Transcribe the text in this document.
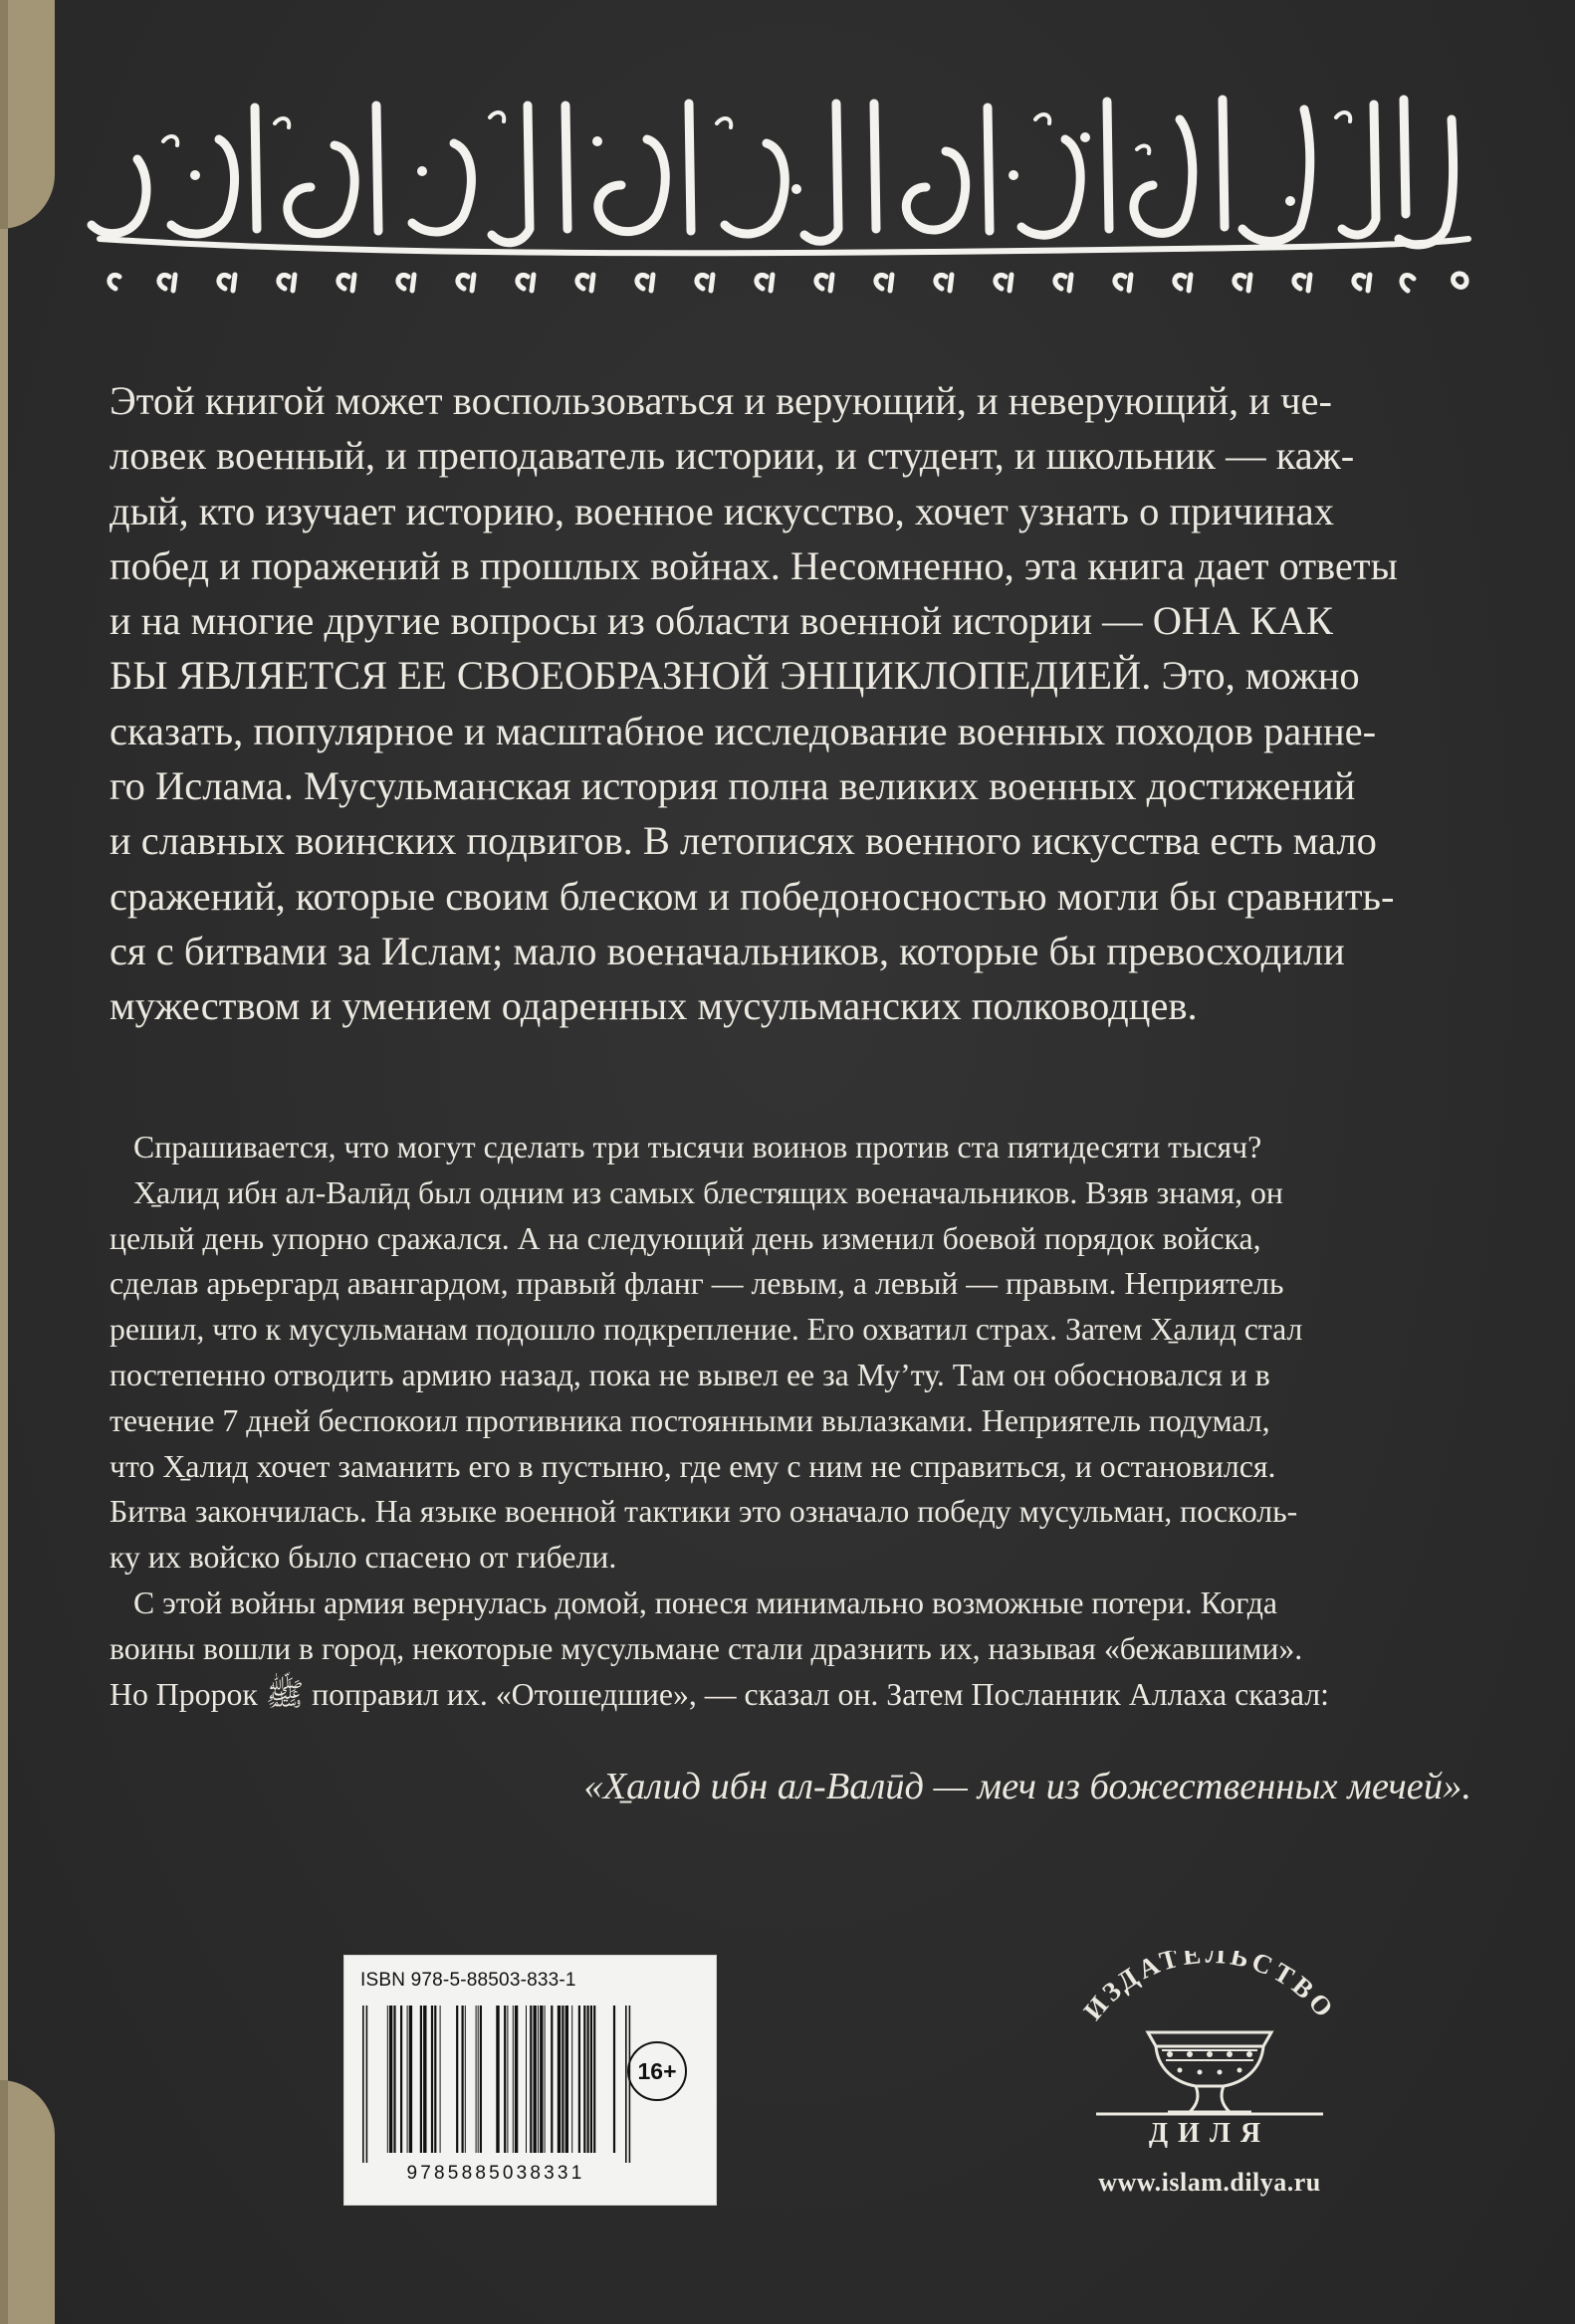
Этой книгой может воспользоваться и верующий, и неверующий, и че-
ловек военный, и преподаватель истории, и студент, и школьник — каж-
дый, кто изучает историю, военное искусство, хочет узнать о причинах
побед и поражений в прошлых войнах. Несомненно, эта книга дает ответы
и на многие другие вопросы из области военной истории — ОНА КАК
БЫ ЯВЛЯЕТСЯ ЕЕ СВОЕОБРАЗНОЙ ЭНЦИКЛОПЕДИЕЙ. Это, можно
сказать, популярное и масштабное исследование военных походов ранне-
го Ислама. Мусульманская история полна великих военных достижений
и славных воинских подвигов. В летописях военного искусства есть мало
сражений, которые своим блеском и победоносностью могли бы сравнить-
ся с битвами за Ислам; мало военачальников, которые бы превосходили
мужеством и умением одаренных мусульманских полководцев.

Спрашивается, что могут сделать три тысячи воинов против ста пятидесяти тысяч?

Х̱алид ибн ал-Валӣд был одним из самых блестящих военачальников. Взяв знамя, он
целый день упорно сражался. А на следующий день изменил боевой порядок войска,
сделав арьергард авангардом, правый фланг — левым, а левый — правым. Неприятель
решил, что к мусульманам подошло подкрепление. Его охватил страх. Затем Х̱алид стал
постепенно отводить армию назад, пока не вывел ее за Му’ту. Там он обосновался и в
течение 7 дней беспокоил противника постоянными вылазками. Неприятель подумал,
что Х̱алид хочет заманить его в пустыню, где ему с ним не справиться, и остановился.
Битва закончилась. На языке военной тактики это означало победу мусульман, посколь-
ку их войско было спасено от гибели.
С этой войны армия вернулась домой, понеся минимально возможные потери. Когда
воины вошли в город, некоторые мусульмане стали дразнить их, называя «бежавшими».
Но Пророк ﷺ поправил их. «Отошедшие», — сказал он. Затем Посланник Аллаха сказал:

«Х̱алид ибн ал-Валӣд — меч из божественных мечей».

ISBN 978-5-88503-833-1
9785885038331
16+
ИЗДАТЕЛЬСТВО
ДИЛЯ
www.islam.dilya.ru
